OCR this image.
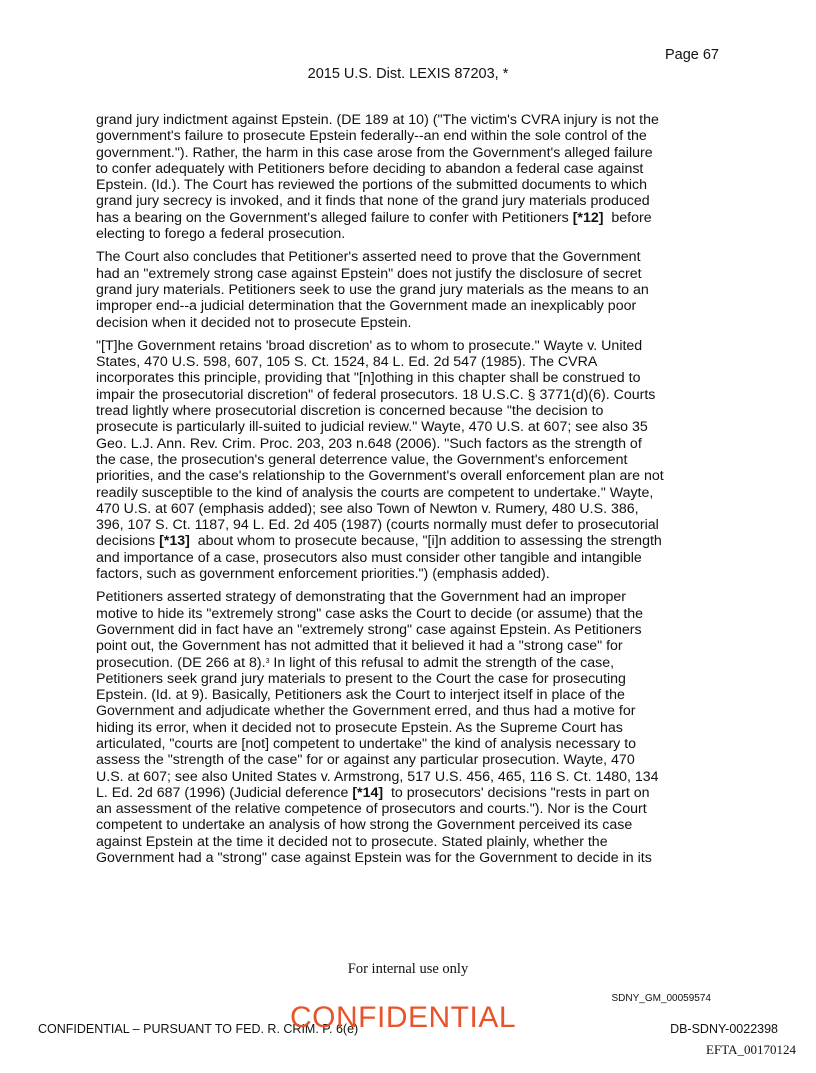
Page 67
2015 U.S. Dist. LEXIS 87203, *

grand jury indictment against Epstein. (DE 189 at 10) ("The victim's CVRA injury is not the
government's failure to prosecute Epstein federally--an end within the sole control of the
government."). Rather, the harm in this case arose from the Government's alleged failure
to confer adequately with Petitioners before deciding to abandon a federal case against
Epstein. (Id.). The Court has reviewed the portions of the submitted documents to which
grand jury secrecy is invoked, and it finds that none of the grand jury materials produced
has a bearing on the Government's alleged failure to confer with Petitioners [*12]  before
electing to forego a federal prosecution.

The Court also concludes that Petitioner's asserted need to prove that the Government
had an "extremely strong case against Epstein" does not justify the disclosure of secret
grand jury materials. Petitioners seek to use the grand jury materials as the means to an
improper end--a judicial determination that the Government made an inexplicably poor
decision when it decided not to prosecute Epstein.

"[T]he Government retains 'broad discretion' as to whom to prosecute." Wayte v. United
States, 470 U.S. 598, 607, 105 S. Ct. 1524, 84 L. Ed. 2d 547 (1985). The CVRA
incorporates this principle, providing that "[n]othing in this chapter shall be construed to
impair the prosecutorial discretion" of federal prosecutors. 18 U.S.C. § 3771(d)(6). Courts
tread lightly where prosecutorial discretion is concerned because "the decision to
prosecute is particularly ill-suited to judicial review." Wayte, 470 U.S. at 607; see also 35
Geo. L.J. Ann. Rev. Crim. Proc. 203, 203 n.648 (2006). "Such factors as the strength of
the case, the prosecution's general deterrence value, the Government's enforcement
priorities, and the case's relationship to the Government's overall enforcement plan are not
readily susceptible to the kind of analysis the courts are competent to undertake." Wayte,
470 U.S. at 607 (emphasis added); see also Town of Newton v. Rumery, 480 U.S. 386,
396, 107 S. Ct. 1187, 94 L. Ed. 2d 405 (1987) (courts normally must defer to prosecutorial
decisions [*13]  about whom to prosecute because, "[i]n addition to assessing the strength
and importance of a case, prosecutors also must consider other tangible and intangible
factors, such as government enforcement priorities.") (emphasis added).

Petitioners asserted strategy of demonstrating that the Government had an improper
motive to hide its "extremely strong" case asks the Court to decide (or assume) that the
Government did in fact have an "extremely strong" case against Epstein. As Petitioners
point out, the Government has not admitted that it believed it had a "strong case" for
prosecution. (DE 266 at 8).$^3$ In light of this refusal to admit the strength of the case,
Petitioners seek grand jury materials to present to the Court the case for prosecuting
Epstein. (Id. at 9). Basically, Petitioners ask the Court to interject itself in place of the
Government and adjudicate whether the Government erred, and thus had a motive for
hiding its error, when it decided not to prosecute Epstein. As the Supreme Court has
articulated, "courts are [not] competent to undertake" the kind of analysis necessary to
assess the "strength of the case" for or against any particular prosecution. Wayte, 470
U.S. at 607; see also United States v. Armstrong, 517 U.S. 456, 465, 116 S. Ct. 1480, 134
L. Ed. 2d 687 (1996) (Judicial deference [*14]  to prosecutors' decisions "rests in part on
an assessment of the relative competence of prosecutors and courts."). Nor is the Court
competent to undertake an analysis of how strong the Government perceived its case
against Epstein at the time it decided not to prosecute. Stated plainly, whether the
Government had a "strong" case against Epstein was for the Government to decide in its

For internal use only
SDNY_GM_00059574
CONFIDENTIAL – PURSUANT TO FED. R. CRIM. P. 6(e)
CONFIDENTIAL	DB-SDNY-0022398
EFTA_00170124
